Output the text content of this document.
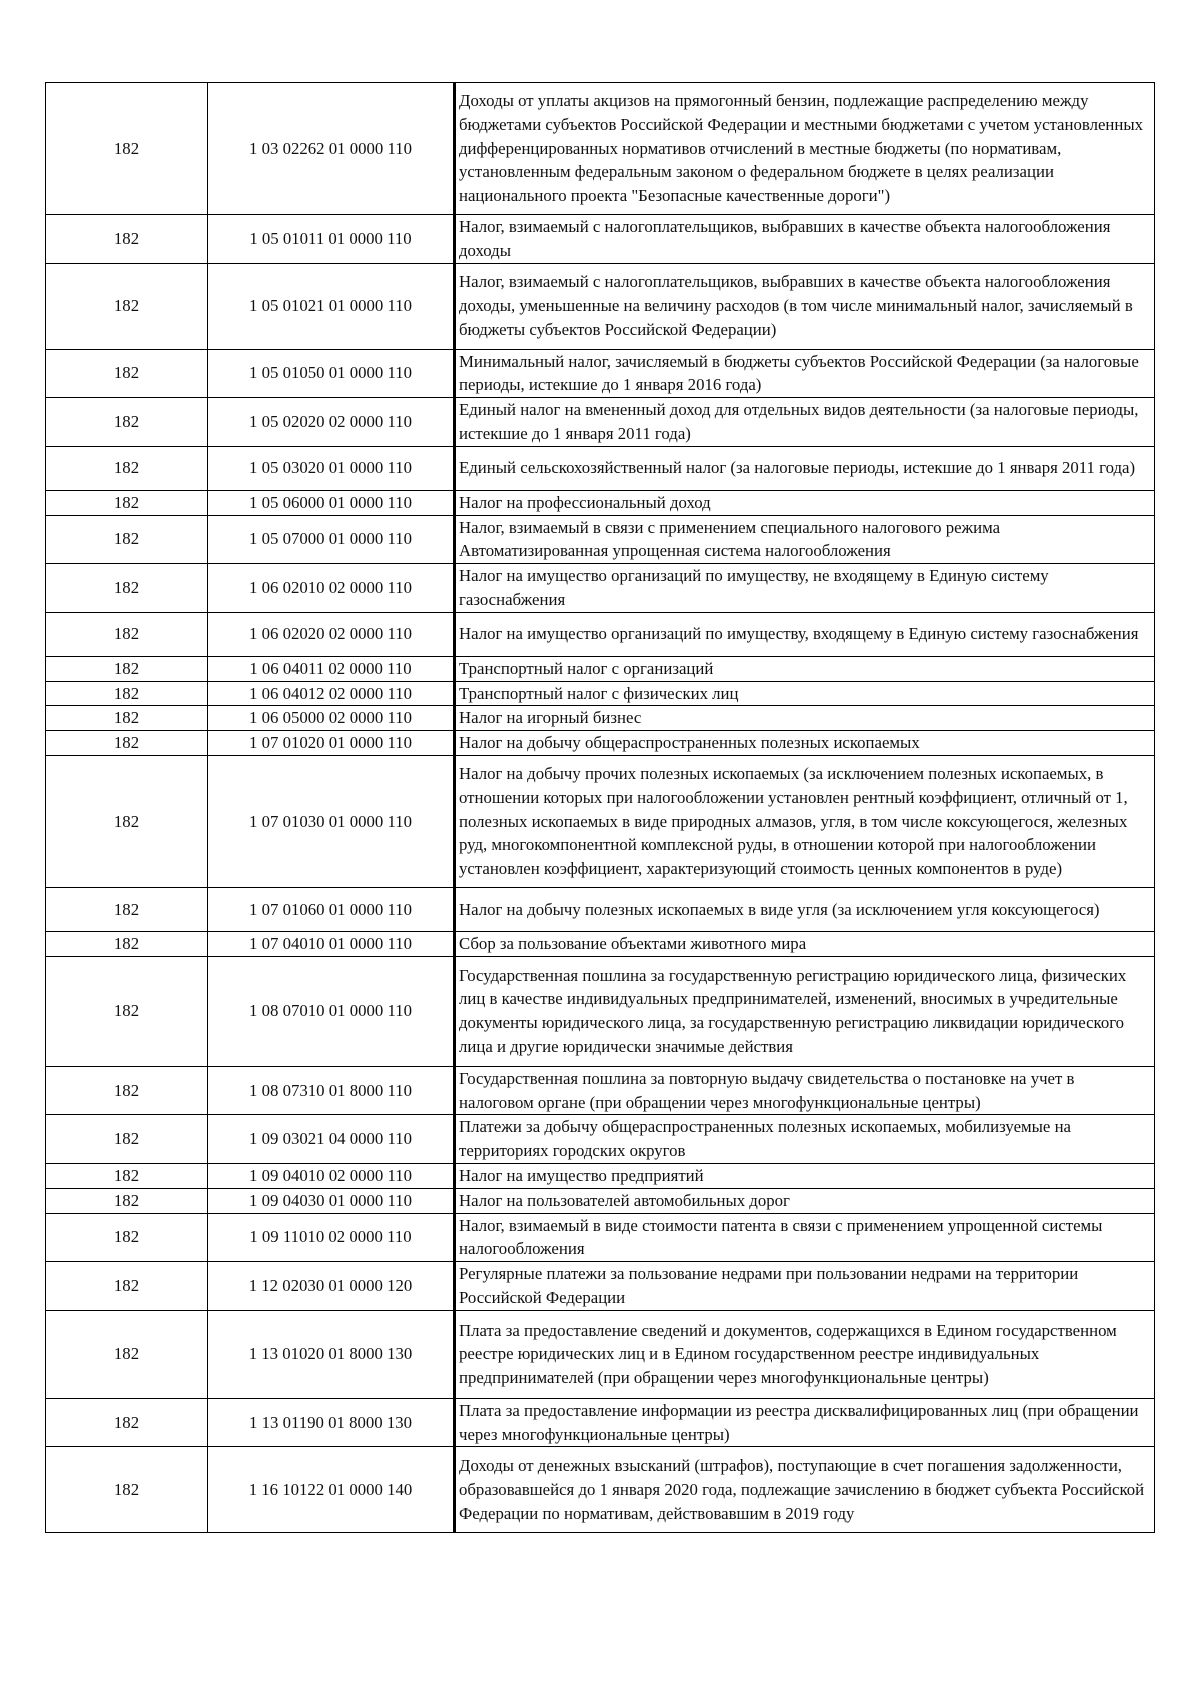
182	1 03 02262 01 0000 110	Доходы от уплаты акцизов на прямогонный бензин, подлежащие распределению между бюджетами субъектов Российской Федерации и местными бюджетами с учетом установленных дифференцированных нормативов отчислений в местные бюджеты (по нормативам, установленным федеральным законом о федеральном бюджете в целях реализации национального проекта "Безопасные качественные дороги")
182	1 05 01011 01 0000 110	Налог, взимаемый с налогоплательщиков, выбравших в качестве объекта налогообложения доходы
182	1 05 01021 01 0000 110	Налог, взимаемый с налогоплательщиков, выбравших в качестве объекта налогообложения доходы, уменьшенные на величину расходов (в том числе минимальный налог, зачисляемый в бюджеты субъектов Российской Федерации)
182	1 05 01050 01 0000 110	Минимальный налог, зачисляемый в бюджеты субъектов Российской Федерации (за налоговые периоды, истекшие до 1 января 2016 года)
182	1 05 02020 02 0000 110	Единый налог на вмененный доход для отдельных видов деятельности (за налоговые периоды, истекшие до 1 января 2011 года)
182	1 05 03020 01 0000 110	Единый сельскохозяйственный налог (за налоговые периоды, истекшие до 1 января 2011 года)
182	1 05 06000 01 0000 110	Налог на профессиональный доход
182	1 05 07000 01 0000 110	Налог, взимаемый в связи с применением специального налогового режима Автоматизированная упрощенная система налогообложения
182	1 06 02010 02 0000 110	Налог на имущество организаций по имуществу, не входящему в Единую систему газоснабжения
182	1 06 02020 02 0000 110	Налог на имущество организаций по имуществу, входящему в Единую систему газоснабжения
182	1 06 04011 02 0000 110	Транспортный налог с организаций
182	1 06 04012 02 0000 110	Транспортный налог с физических лиц
182	1 06 05000 02 0000 110	Налог на игорный бизнес
182	1 07 01020 01 0000 110	Налог на добычу общераспространенных полезных ископаемых
182	1 07 01030 01 0000 110	Налог на добычу прочих полезных ископаемых (за исключением полезных ископаемых, в отношении которых при налогообложении установлен рентный коэффициент, отличный от 1, полезных ископаемых в виде природных алмазов, угля, в том числе коксующегося, железных руд, многокомпонентной комплексной руды, в отношении которой при налогообложении установлен коэффициент, характеризующий стоимость ценных компонентов в руде)
182	1 07 01060 01 0000 110	Налог на добычу полезных ископаемых в виде угля (за исключением угля коксующегося)
182	1 07 04010 01 0000 110	Сбор за пользование объектами животного мира
182	1 08 07010 01 0000 110	Государственная пошлина за государственную регистрацию юридического лица, физических лиц в качестве индивидуальных предпринимателей, изменений, вносимых в учредительные документы юридического лица, за государственную регистрацию ликвидации юридического лица и другие юридически значимые действия
182	1 08 07310 01 8000 110	Государственная пошлина за повторную выдачу свидетельства о постановке на учет в налоговом органе (при обращении через многофункциональные центры)
182	1 09 03021 04 0000 110	Платежи за добычу общераспространенных полезных ископаемых, мобилизуемые на территориях городских округов
182	1 09 04010 02 0000 110	Налог на имущество предприятий
182	1 09 04030 01 0000 110	Налог на пользователей автомобильных дорог
182	1 09 11010 02 0000 110	Налог, взимаемый в виде стоимости патента в связи с применением упрощенной системы налогообложения
182	1 12 02030 01 0000 120	Регулярные платежи за пользование недрами при пользовании недрами на территории Российской Федерации
182	1 13 01020 01 8000 130	Плата за предоставление сведений и документов, содержащихся в Едином государственном реестре юридических лиц и в Едином государственном реестре индивидуальных предпринимателей (при обращении через многофункциональные центры)
182	1 13 01190 01 8000 130	Плата за предоставление информации из реестра дисквалифицированных лиц (при обращении через многофункциональные центры)
182	1 16 10122 01 0000 140	Доходы от денежных взысканий (штрафов), поступающие в счет погашения задолженности, образовавшейся до 1 января 2020 года, подлежащие зачислению в бюджет субъекта Российской Федерации по нормативам, действовавшим в 2019 году
